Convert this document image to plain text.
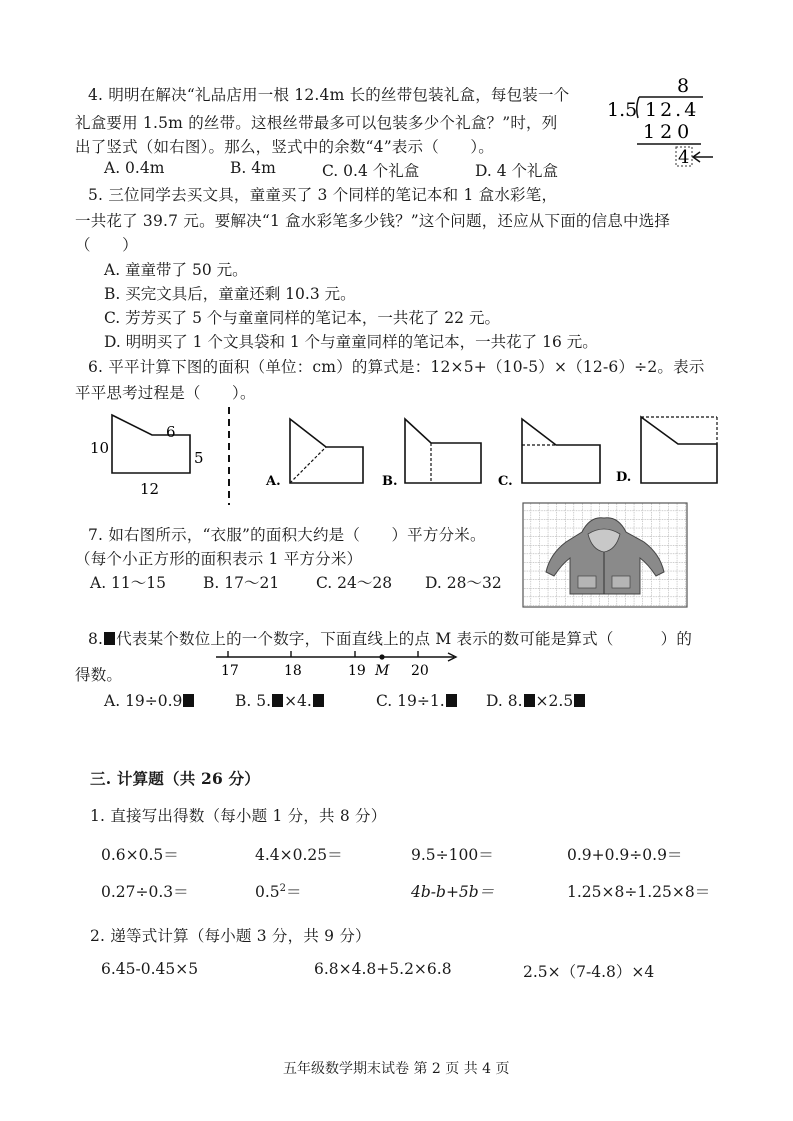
4. 明明在解决“礼品店用一根 12.4m 长的丝带包装礼盒，每包装一个
礼盒要用 1.5m 的丝带。这根丝带最多可以包装多少个礼盒？”时，列
出了竖式（如右图）。那么，竖式中的余数“4”表示（　　）。
A. 0.4m	B. 4m	C. 0.4 个礼盒	D. 4 个礼盒
8
1.5 12.4
120
4
5. 三位同学去买文具，童童买了 3 个同样的笔记本和 1 盒水彩笔，
一共花了 39.7 元。要解决“1 盒水彩笔多少钱？”这个问题，还应从下面的信息中选择
（　　）
A. 童童带了 50 元。
B. 买完文具后，童童还剩 10.3 元。
C. 芳芳买了 5 个与童童同样的笔记本，一共花了 22 元。
D. 明明买了 1 个文具袋和 1 个与童童同样的笔记本，一共花了 16 元。
6. 平平计算下图的面积（单位：cm）的算式是：12×5+（10-5）×（12-6）÷2。表示
平平思考过程是（　　）。
10
6
5
12	A.	B.	C.	D.
7. 如右图所示，“衣服”的面积大约是（　　）平方分米。
（每个小正方形的面积表示 1 平方分米）
A. 11～15 B. 17～21 C. 24～28 D. 28～32
8. 代表某个数位上的一个数字，下面直线上的点 M 表示的数可能是算式（　　　）的
得数。	17	18	19 M 20
A. 19÷0.9	B. 5. ×4.	C. 19÷1.	D. 8. ×2.5
三. 计算题（共 26 分）
1. 直接写出得数（每小题 1 分，共 8 分）
0.6×0.5＝	4.4×0.25＝	9.5÷100＝	0.9+0.9÷0.9＝
0.27÷0.3＝	$0.5^2=$	4b-b+5b＝	1.25×8÷1.25×8＝
2. 递等式计算（每小题 3 分，共 9 分）
6.45-0.45×5	6.8×4.8+5.2×6.8	2.5×（7-4.8）×4
五年级数学期末试卷 第 2 页 共 4 页
